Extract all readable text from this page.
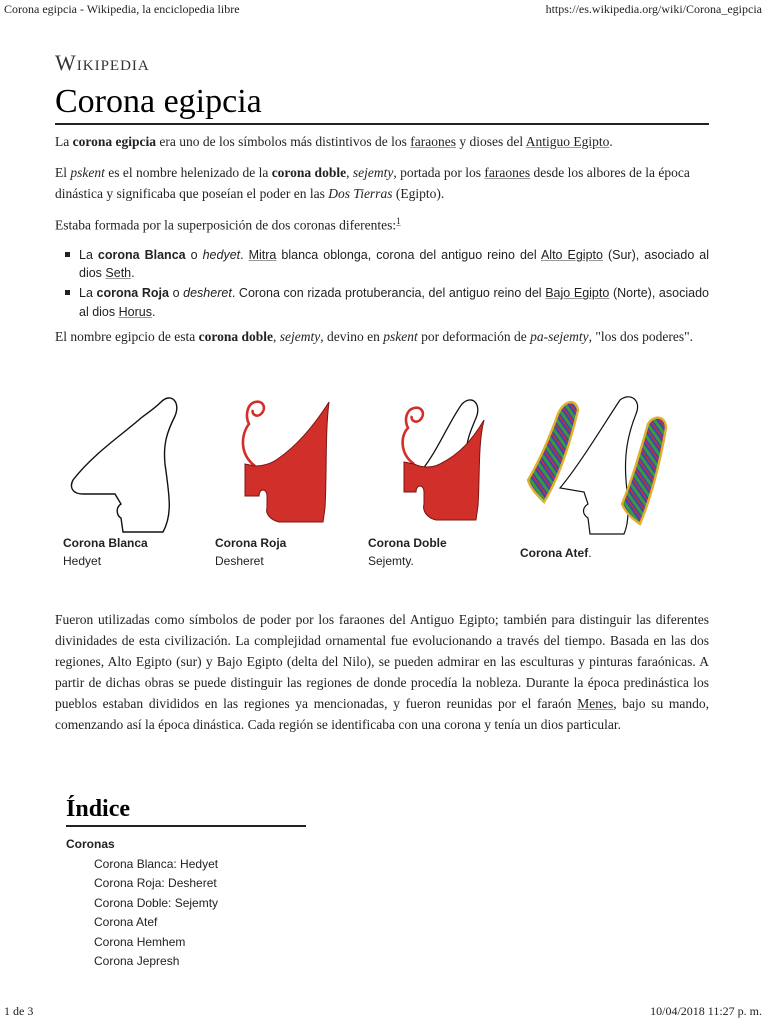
Corona egipcia - Wikipedia, la enciclopedia libre	https://es.wikipedia.org/wiki/Corona_egipcia
Wikipedia
Corona egipcia

La corona egipcia era uno de los símbolos más distintivos de los faraones y dioses del Antiguo Egipto.

El pskent es el nombre helenizado de la corona doble, sejemty, portada por los faraones desde los albores de la época dinástica y significaba que poseían el poder en las Dos Tierras (Egipto).

Estaba formada por la superposición de dos coronas diferentes:$^1$

La corona Blanca o hedyet. Mitra blanca oblonga, corona del antiguo reino del Alto Egipto (Sur), asociado al dios Seth.
La corona Roja o desheret. Corona con rizada protuberancia, del antiguo reino del Bajo Egipto (Norte), asociado al dios Horus.

El nombre egipcio de esta corona doble, sejemty, devino en pskent por deformación de pa-sejemty, "los dos poderes".

Corona Blanca
Hedyet
Corona Roja
Desheret
Corona Doble
Sejemty.
Corona Atef.
Fueron utilizadas como símbolos de poder por los faraones del Antiguo Egipto; también para distinguir las diferentes divinidades de esta civilización. La complejidad ornamental fue evolucionando a través del tiempo. Basada en las dos regiones, Alto Egipto (sur) y Bajo Egipto (delta del Nilo), se pueden admirar en las esculturas y pinturas faraónicas. A partir de dichas obras se puede distinguir las regiones de donde procedía la nobleza. Durante la época predinástica los pueblos estaban divididos en las regiones ya mencionadas, y fueron reunidas por el faraón Menes, bajo su mando, comenzando así la época dinástica. Cada región se identificaba con una corona y tenía un dios particular.
Índice
Coronas
Corona Blanca: Hedyet
Corona Roja: Desheret
Corona Doble: Sejemty
Corona Atef
Corona Hemhem
Corona Jepresh
1 de 3	10/04/2018 11:27 p. m.
